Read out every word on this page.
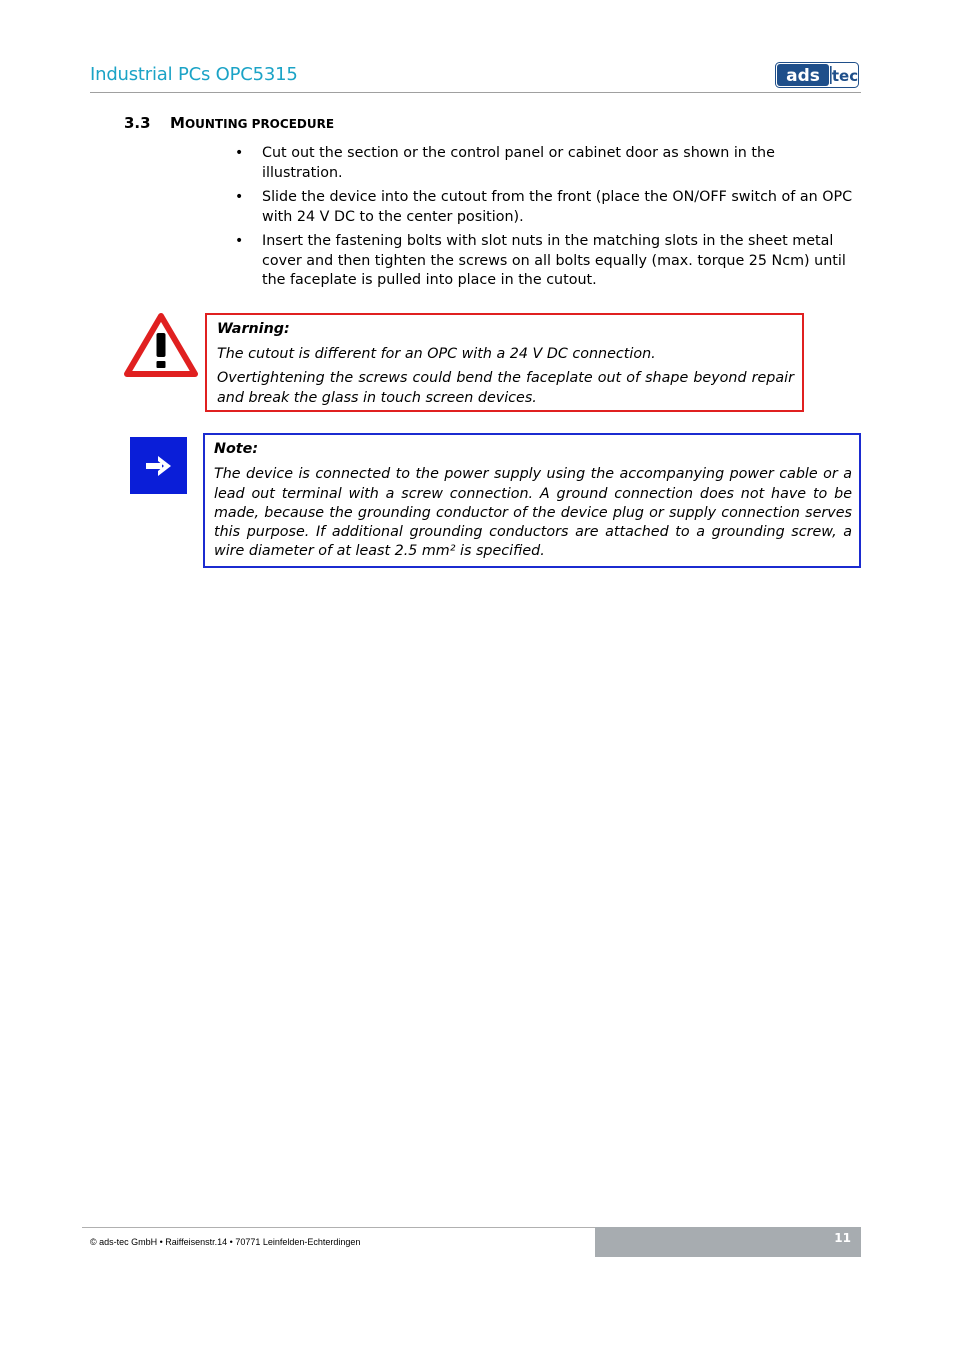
Industrial PCs OPC5315	ads tec
3.3 MOUNTING PROCEDURE
• Cut out the section or the control panel or cabinet door as shown in the illustration.
• Slide the device into the cutout from the front (place the ON/OFF switch of an OPC with 24 V DC to the center position).
• Insert the fastening bolts with slot nuts in the matching slots in the sheet metal cover and then tighten the screws on all bolts equally (max. torque 25 Ncm) until the faceplate is pulled into place in the cutout.
Warning:

The cutout is different for an OPC with a 24 V DC connection.

Overtightening the screws could bend the faceplate out of shape beyond repair and break the glass in touch screen devices.

Note:

The device is connected to the power supply using the accompanying power cable or a lead out terminal with a screw connection. A ground connection does not have to be made, because the grounding conductor of the device plug or supply connection serves this purpose. If additional grounding conductors are attached to a grounding screw, a wire diameter of at least 2.5 mm² is specified.

© ads-tec GmbH • Raiffeisenstr.14 • 70771 Leinfelden-Echterdingen	11
